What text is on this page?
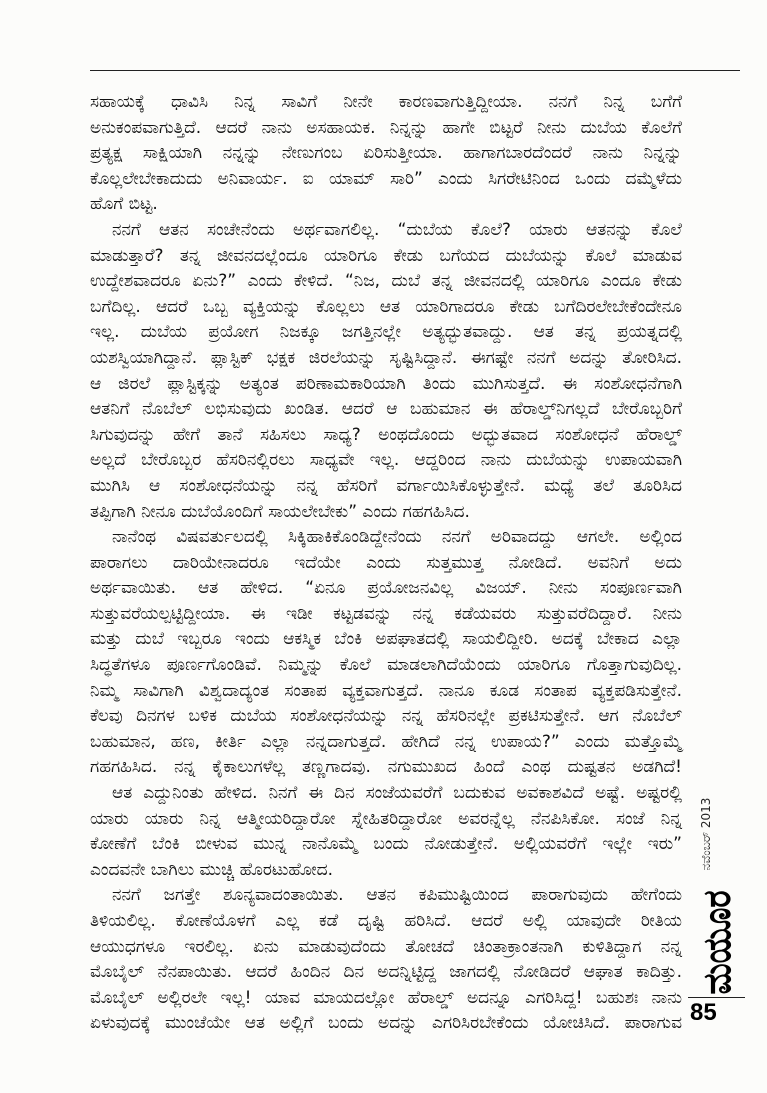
ಸಹಾಯಕ್ಕೆ ಧಾವಿಸಿ ನಿನ್ನ ಸಾವಿಗೆ ನೀನೇ ಕಾರಣವಾಗುತ್ತಿದ್ದೀಯಾ. ನನಗೆ ನಿನ್ನ ಬಗೆಗೆ
ಅನುಕಂಪವಾಗುತ್ತಿದೆ. ಆದರೆ ನಾನು ಅಸಹಾಯಕ. ನಿನ್ನನ್ನು ಹಾಗೇ ಬಿಟ್ಟರೆ ನೀನು ದುಬೆಯ ಕೊಲೆಗೆ
ಪ್ರತ್ಯಕ್ಷ ಸಾಕ್ಷಿಯಾಗಿ ನನ್ನನ್ನು ನೇಣುಗಂಬ ಏರಿಸುತ್ತೀಯಾ. ಹಾಗಾಗಬಾರದೆಂದರೆ ನಾನು ನಿನ್ನನ್ನು
ಕೊಲ್ಲಲೇಬೇಕಾದುದು ಅನಿವಾರ್ಯ. ಐ ಯಾಮ್ ಸಾರಿ” ಎಂದು ಸಿಗರೇಟಿನಿಂದ ಒಂದು ದಮ್ಮೆಳೆದು
ಹೊಗೆ ಬಿಟ್ಟ.
ನನಗೆ ಆತನ ಸಂಚೇನೆಂದು ಅರ್ಥವಾಗಲಿಲ್ಲ. “ದುಬೆಯ ಕೊಲೆ? ಯಾರು ಆತನನ್ನು ಕೊಲೆ
ಮಾಡುತ್ತಾರೆ? ತನ್ನ ಜೀವನದಲ್ಲೆಂದೂ ಯಾರಿಗೂ ಕೇಡು ಬಗೆಯದ ದುಬೆಯನ್ನು ಕೊಲೆ ಮಾಡುವ
ಉದ್ದೇಶವಾದರೂ ಏನು?” ಎಂದು ಕೇಳಿದೆ. “ನಿಜ, ದುಬೆ ತನ್ನ ಜೀವನದಲ್ಲಿ ಯಾರಿಗೂ ಎಂದೂ ಕೇಡು
ಬಗೆದಿಲ್ಲ. ಆದರೆ ಒಬ್ಬ ವ್ಯಕ್ತಿಯನ್ನು ಕೊಲ್ಲಲು ಆತ ಯಾರಿಗಾದರೂ ಕೇಡು ಬಗೆದಿರಲೇಬೇಕೆಂದೇನೂ
ಇಲ್ಲ. ದುಬೆಯ ಪ್ರಯೋಗ ನಿಜಕ್ಕೂ ಜಗತ್ತಿನಲ್ಲೇ ಅತ್ಯದ್ಭುತವಾದ್ದು. ಆತ ತನ್ನ ಪ್ರಯತ್ನದಲ್ಲಿ
ಯಶಸ್ವಿಯಾಗಿದ್ದಾನೆ. ಪ್ಲಾಸ್ಟಿಕ್ ಭಕ್ಷಕ ಜಿರಲೆಯನ್ನು ಸೃಷ್ಟಿಸಿದ್ದಾನೆ. ಈಗಷ್ಟೇ ನನಗೆ ಅದನ್ನು ತೋರಿಸಿದ.
ಆ ಜಿರಲೆ ಪ್ಲಾಸ್ಟಿಕ್ಕನ್ನು ಅತ್ಯಂತ ಪರಿಣಾಮಕಾರಿಯಾಗಿ ತಿಂದು ಮುಗಿಸುತ್ತದೆ. ಈ ಸಂಶೋಧನೆಗಾಗಿ
ಆತನಿಗೆ ನೊಬೆಲ್ ಲಭಿಸುವುದು ಖಂಡಿತ. ಆದರೆ ಆ ಬಹುಮಾನ ಈ ಹೆರಾಲ್ಡ್‌ನಿಗಲ್ಲದೆ ಬೇರೊಬ್ಬರಿಗೆ
ಸಿಗುವುದನ್ನು ಹೇಗೆ ತಾನೆ ಸಹಿಸಲು ಸಾಧ್ಯ? ಅಂಥದೊಂದು ಅದ್ಭುತವಾದ ಸಂಶೋಧನೆ ಹೆರಾಲ್ಡ್
ಅಲ್ಲದೆ ಬೇರೊಬ್ಬರ ಹೆಸರಿನಲ್ಲಿರಲು ಸಾಧ್ಯವೇ ಇಲ್ಲ. ಆದ್ದರಿಂದ ನಾನು ದುಬೆಯನ್ನು ಉಪಾಯವಾಗಿ
ಮುಗಿಸಿ ಆ ಸಂಶೋಧನೆಯನ್ನು ನನ್ನ ಹೆಸರಿಗೆ ವರ್ಗಾಯಿಸಿಕೊಳ್ಳುತ್ತೇನೆ. ಮಧ್ಯೆ ತಲೆ ತೂರಿಸಿದ
ತಪ್ಪಿಗಾಗಿ ನೀನೂ ದುಬೆಯೊಂದಿಗೆ ಸಾಯಲೇಬೇಕು” ಎಂದು ಗಹಗಹಿಸಿದ.
ನಾನೆಂಥ ವಿಷವರ್ತುಲದಲ್ಲಿ ಸಿಕ್ಕಿಹಾಕಿಕೊಂಡಿದ್ದೇನೆಂದು ನನಗೆ ಅರಿವಾದದ್ದು ಆಗಲೇ. ಅಲ್ಲಿಂದ
ಪಾರಾಗಲು ದಾರಿಯೇನಾದರೂ ಇದೆಯೇ ಎಂದು ಸುತ್ತಮುತ್ತ ನೋಡಿದೆ. ಅವನಿಗೆ ಅದು
ಅರ್ಥವಾಯಿತು. ಆತ ಹೇಳಿದ. “ಏನೂ ಪ್ರಯೋಜನವಿಲ್ಲ ವಿಜಯ್. ನೀನು ಸಂಪೂರ್ಣವಾಗಿ
ಸುತ್ತುವರೆಯಲ್ಪಟ್ಟಿದ್ದೀಯಾ. ಈ ಇಡೀ ಕಟ್ಟಡವನ್ನು ನನ್ನ ಕಡೆಯವರು ಸುತ್ತುವರೆದಿದ್ದಾರೆ. ನೀನು
ಮತ್ತು ದುಬೆ ಇಬ್ಬರೂ ಇಂದು ಆಕಸ್ಮಿಕ ಬೆಂಕಿ ಅಪಘಾತದಲ್ಲಿ ಸಾಯಲಿದ್ದೀರಿ. ಅದಕ್ಕೆ ಬೇಕಾದ ಎಲ್ಲಾ
ಸಿದ್ಧತೆಗಳೂ ಪೂರ್ಣಗೊಂಡಿವೆ. ನಿಮ್ಮನ್ನು ಕೊಲೆ ಮಾಡಲಾಗಿದೆಯೆಂದು ಯಾರಿಗೂ ಗೊತ್ತಾಗುವುದಿಲ್ಲ.
ನಿಮ್ಮ ಸಾವಿಗಾಗಿ ವಿಶ್ವದಾದ್ಯಂತ ಸಂತಾಪ ವ್ಯಕ್ತವಾಗುತ್ತದೆ. ನಾನೂ ಕೂಡ ಸಂತಾಪ ವ್ಯಕ್ತಪಡಿಸುತ್ತೇನೆ.
ಕೆಲವು ದಿನಗಳ ಬಳಿಕ ದುಬೆಯ ಸಂಶೋಧನೆಯನ್ನು ನನ್ನ ಹೆಸರಿನಲ್ಲೇ ಪ್ರಕಟಿಸುತ್ತೇನೆ. ಆಗ ನೊಬೆಲ್
ಬಹುಮಾನ, ಹಣ, ಕೀರ್ತಿ ಎಲ್ಲಾ ನನ್ನದಾಗುತ್ತದೆ. ಹೇಗಿದೆ ನನ್ನ ಉಪಾಯ?” ಎಂದು ಮತ್ತೊಮ್ಮೆ
ಗಹಗಹಿಸಿದ. ನನ್ನ ಕೈಕಾಲುಗಳೆಲ್ಲ ತಣ್ಣಗಾದವು. ನಗುಮುಖದ ಹಿಂದೆ ಎಂಥ ದುಷ್ಟತನ ಅಡಗಿದೆ!
ಆತ ಎದ್ದುನಿಂತು ಹೇಳಿದ. ನಿನಗೆ ಈ ದಿನ ಸಂಜೆಯವರೆಗೆ ಬದುಕುವ ಅವಕಾಶವಿದೆ ಅಷ್ಟೆ. ಅಷ್ಟರಲ್ಲಿ
ಯಾರು ಯಾರು ನಿನ್ನ ಆತ್ಮೀಯರಿದ್ದಾರೋ ಸ್ನೇಹಿತರಿದ್ದಾರೋ ಅವರನ್ನೆಲ್ಲ ನೆನಪಿಸಿಕೋ. ಸಂಜೆ ನಿನ್ನ
ಕೋಣೆಗೆ ಬೆಂಕಿ ಬೀಳುವ ಮುನ್ನ ನಾನೊಮ್ಮೆ ಬಂದು ನೋಡುತ್ತೇನೆ. ಅಲ್ಲಿಯವರೆಗೆ ಇಲ್ಲೇ ಇರು”
ಎಂದವನೇ ಬಾಗಿಲು ಮುಚ್ಚಿ ಹೊರಟುಹೋದ.
ನನಗೆ ಜಗತ್ತೇ ಶೂನ್ಯವಾದಂತಾಯಿತು. ಆತನ ಕಪಿಮುಷ್ಟಿಯಿಂದ ಪಾರಾಗುವುದು ಹೇಗೆಂದು
ತಿಳಿಯಲಿಲ್ಲ. ಕೋಣೆಯೊಳಗೆ ಎಲ್ಲ ಕಡೆ ದೃಷ್ಟಿ ಹರಿಸಿದೆ. ಆದರೆ ಅಲ್ಲಿ ಯಾವುದೇ ರೀತಿಯ
ಆಯುಧಗಳೂ ಇರಲಿಲ್ಲ. ಏನು ಮಾಡುವುದೆಂದು ತೋಚದೆ ಚಿಂತಾಕ್ರಾಂತನಾಗಿ ಕುಳಿತಿದ್ದಾಗ ನನ್ನ
ಮೊಬೈಲ್ ನೆನಪಾಯಿತು. ಆದರೆ ಹಿಂದಿನ ದಿನ ಅದನ್ನಿಟ್ಟಿದ್ದ ಜಾಗದಲ್ಲಿ ನೋಡಿದರೆ ಆಘಾತ ಕಾದಿತ್ತು.
ಮೊಬೈಲ್ ಅಲ್ಲಿರಲೇ ಇಲ್ಲ! ಯಾವ ಮಾಯದಲ್ಲೋ ಹೆರಾಲ್ಡ್ ಅದನ್ನೂ ಎಗರಿಸಿದ್ದ! ಬಹುಶಃ ನಾನು
ಏಳುವುದಕ್ಕೆ ಮುಂಚೆಯೇ ಆತ ಅಲ್ಲಿಗೆ ಬಂದು ಅದನ್ನು ಎಗರಿಸಿರಬೇಕೆಂದು ಯೋಚಿಸಿದೆ. ಪಾರಾಗುವ
ನವೆಂಬರ್ 2013
ಮಯೂರ
85
